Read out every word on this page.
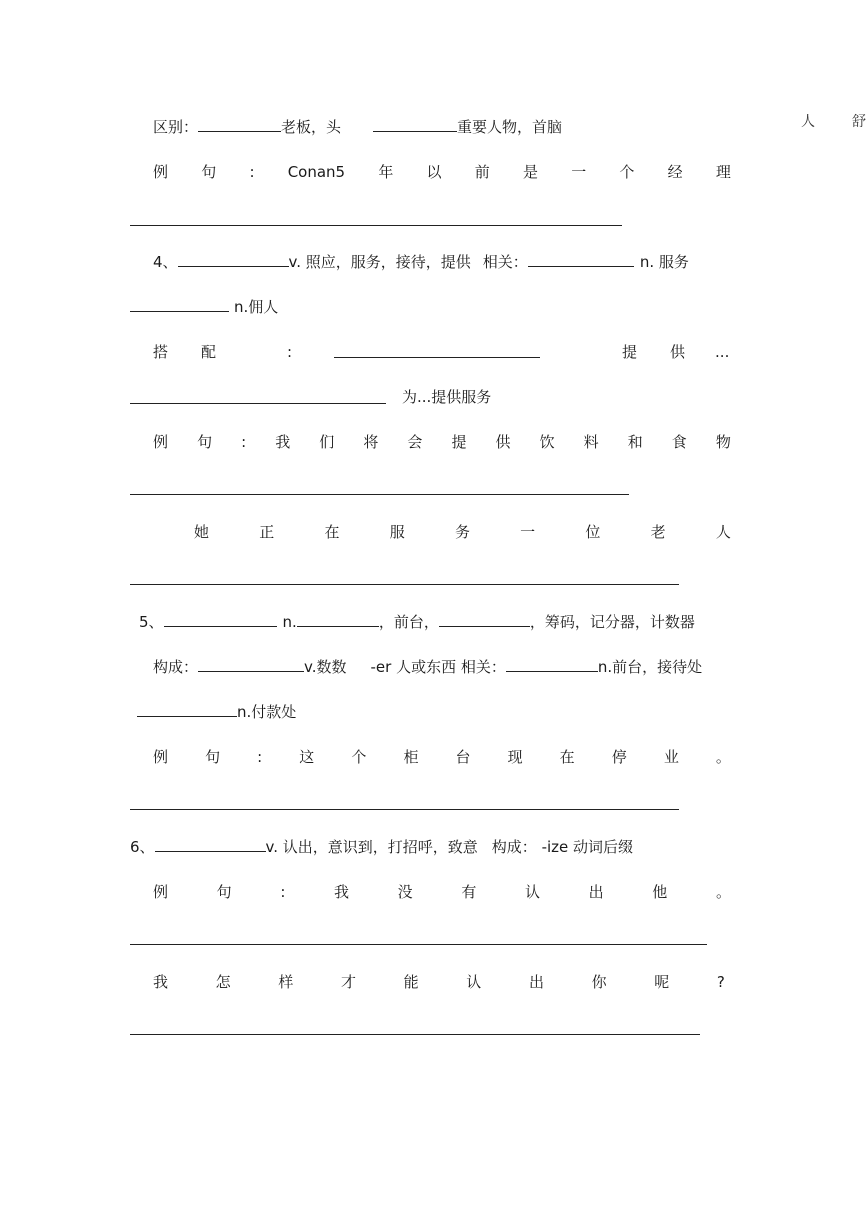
人	舒
区别：	老板，头	重要人物，首脑
例 句 : Conan5 年 以 前 是 一 个 经 理
4、	v. 照应，服务，接待，提供 相关：	n. 服务
n.佣人
搭 配	:	提 供 ...
为...提供服务
例 句 : 我 们 将 会 提 供 饮 料 和 食 物
她	正	在	服	务	一	位	老	人
5、	n.	，前台，	，筹码，记分器，计数器
构成：	v.数数 -er 人或东西 相关：	n.前台，接待处
n.付款处
例 句 : 这 个 柜 台 现 在 停 业 。
6、	v. 认出，意识到，打招呼，致意 构成： -ize 动词后缀
例	句	:	我	没	有	认	出	他	。
我	怎	样	才	能	认	出	你	呢	?
